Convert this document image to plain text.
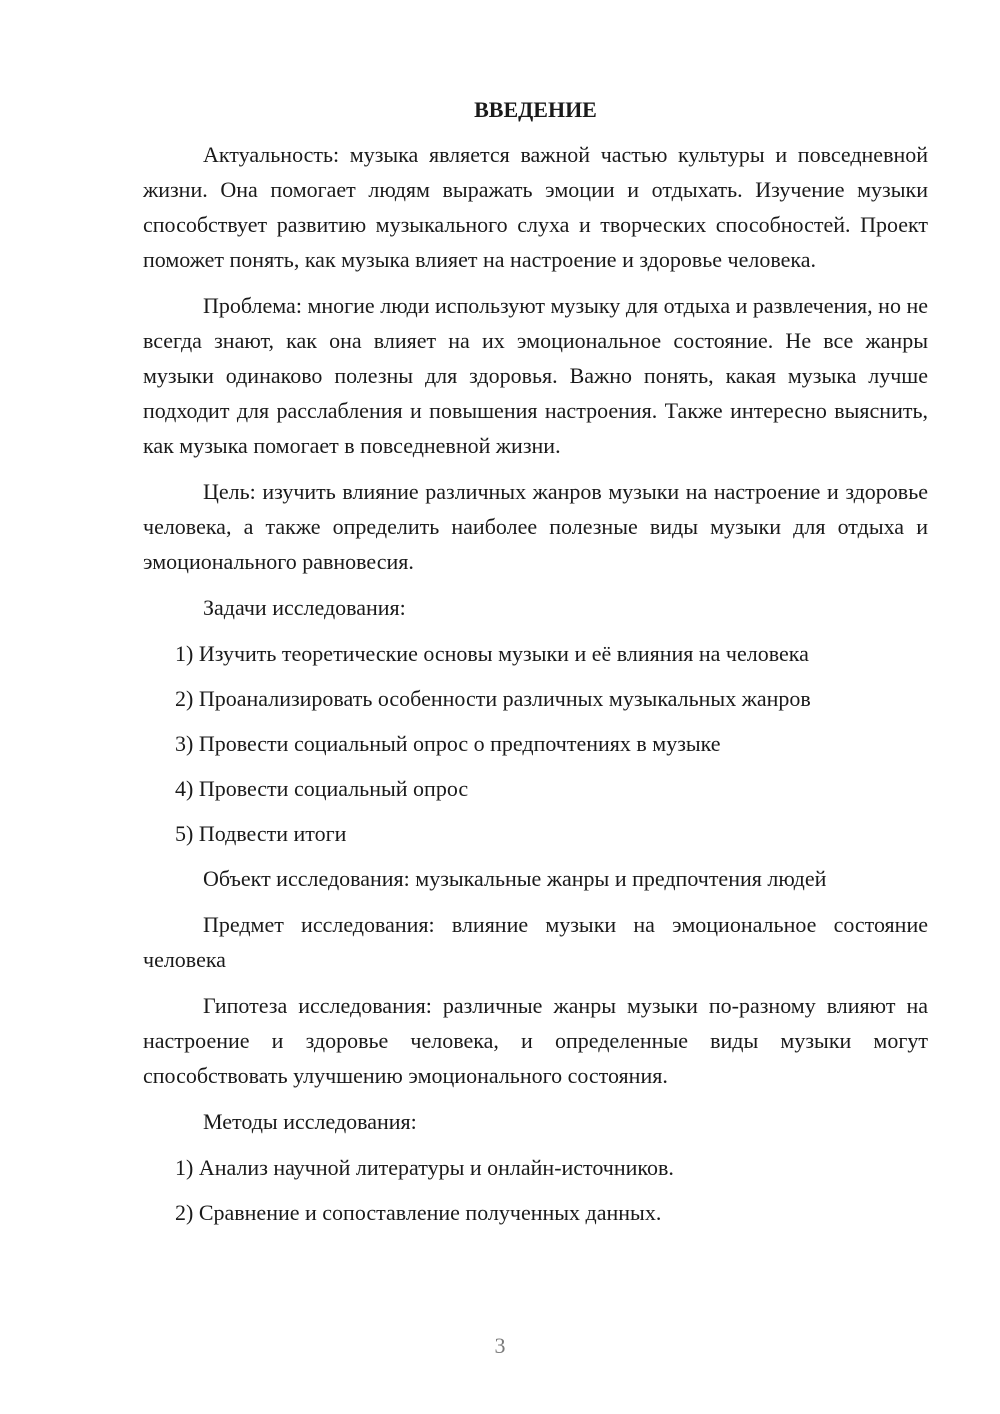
ВВЕДЕНИЕ

Актуальность: музыка является важной частью культуры и повседневной жизни. Она помогает людям выражать эмоции и отдыхать. Изучение музыки способствует развитию музыкального слуха и творческих способностей. Проект поможет понять, как музыка влияет на настроение и здоровье человека.

Проблема: многие люди используют музыку для отдыха и развлечения, но не всегда знают, как она влияет на их эмоциональное состояние. Не все жанры музыки одинаково полезны для здоровья. Важно понять, какая музыка лучше подходит для расслабления и повышения настроения. Также интересно выяснить, как музыка помогает в повседневной жизни.

Цель: изучить влияние различных жанров музыки на настроение и здоровье человека, а также определить наиболее полезные виды музыки для отдыха и эмоционального равновесия.

Задачи исследования:

1) Изучить теоретические основы музыки и её влияния на человека
2) Проанализировать особенности различных музыкальных жанров
3) Провести социальный опрос о предпочтениях в музыке
4) Провести социальный опрос
5) Подвести итоги

Объект исследования: музыкальные жанры и предпочтения людей

Предмет исследования: влияние музыки на эмоциональное состояние человека

Гипотеза исследования: различные жанры музыки по-разному влияют на настроение и здоровье человека, и определенные виды музыки могут способствовать улучшению эмоционального состояния.

Методы исследования:

1) Анализ научной литературы и онлайн-источников.
2) Сравнение и сопоставление полученных данных.
3
